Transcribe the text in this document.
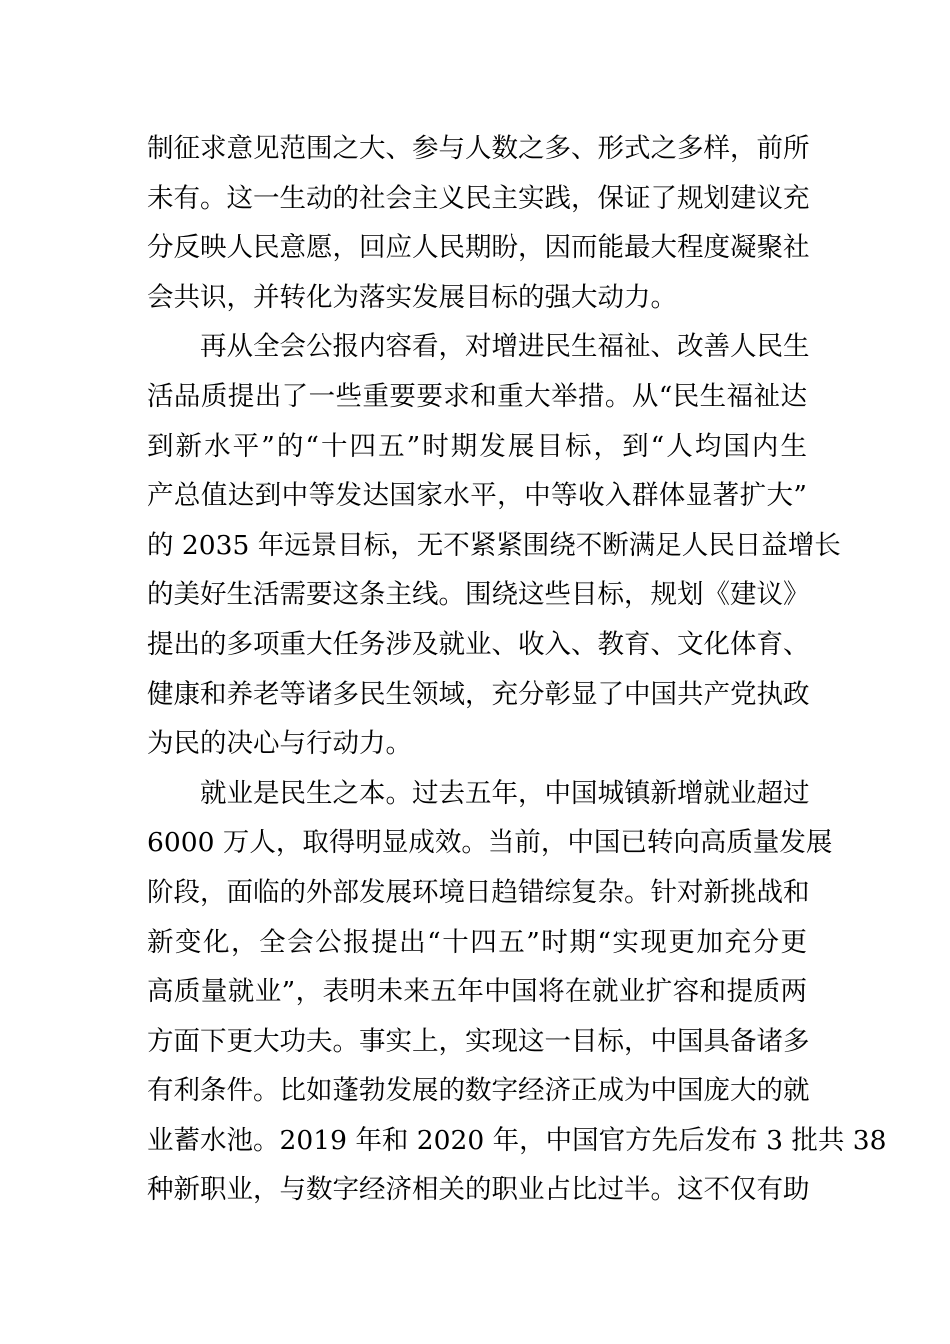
制征求意见范围之大、参与人数之多、形式之多样，前所
未有。这一生动的社会主义民主实践，保证了规划建议充
分反映人民意愿，回应人民期盼，因而能最大程度凝聚社
会共识，并转化为落实发展目标的强大动力。
再从全会公报内容看，对增进民生福祉、改善人民生
活品质提出了一些重要要求和重大举措。从“民生福祉达
到新水平”的“十四五”时期发展目标，到“人均国内生
产总值达到中等发达国家水平，中等收入群体显著扩大”
的 2035 年远景目标，无不紧紧围绕不断满足人民日益增长
的美好生活需要这条主线。围绕这些目标，规划《建议》
提出的多项重大任务涉及就业、收入、教育、文化体育、
健康和养老等诸多民生领域，充分彰显了中国共产党执政
为民的决心与行动力。
就业是民生之本。过去五年，中国城镇新增就业超过
6000 万人，取得明显成效。当前，中国已转向高质量发展
阶段，面临的外部发展环境日趋错综复杂。针对新挑战和
新变化，全会公报提出“十四五”时期“实现更加充分更
高质量就业”，表明未来五年中国将在就业扩容和提质两
方面下更大功夫。事实上，实现这一目标，中国具备诸多
有利条件。比如蓬勃发展的数字经济正成为中国庞大的就
业蓄水池。2019 年和 2020 年，中国官方先后发布 3 批共 38
种新职业，与数字经济相关的职业占比过半。这不仅有助
